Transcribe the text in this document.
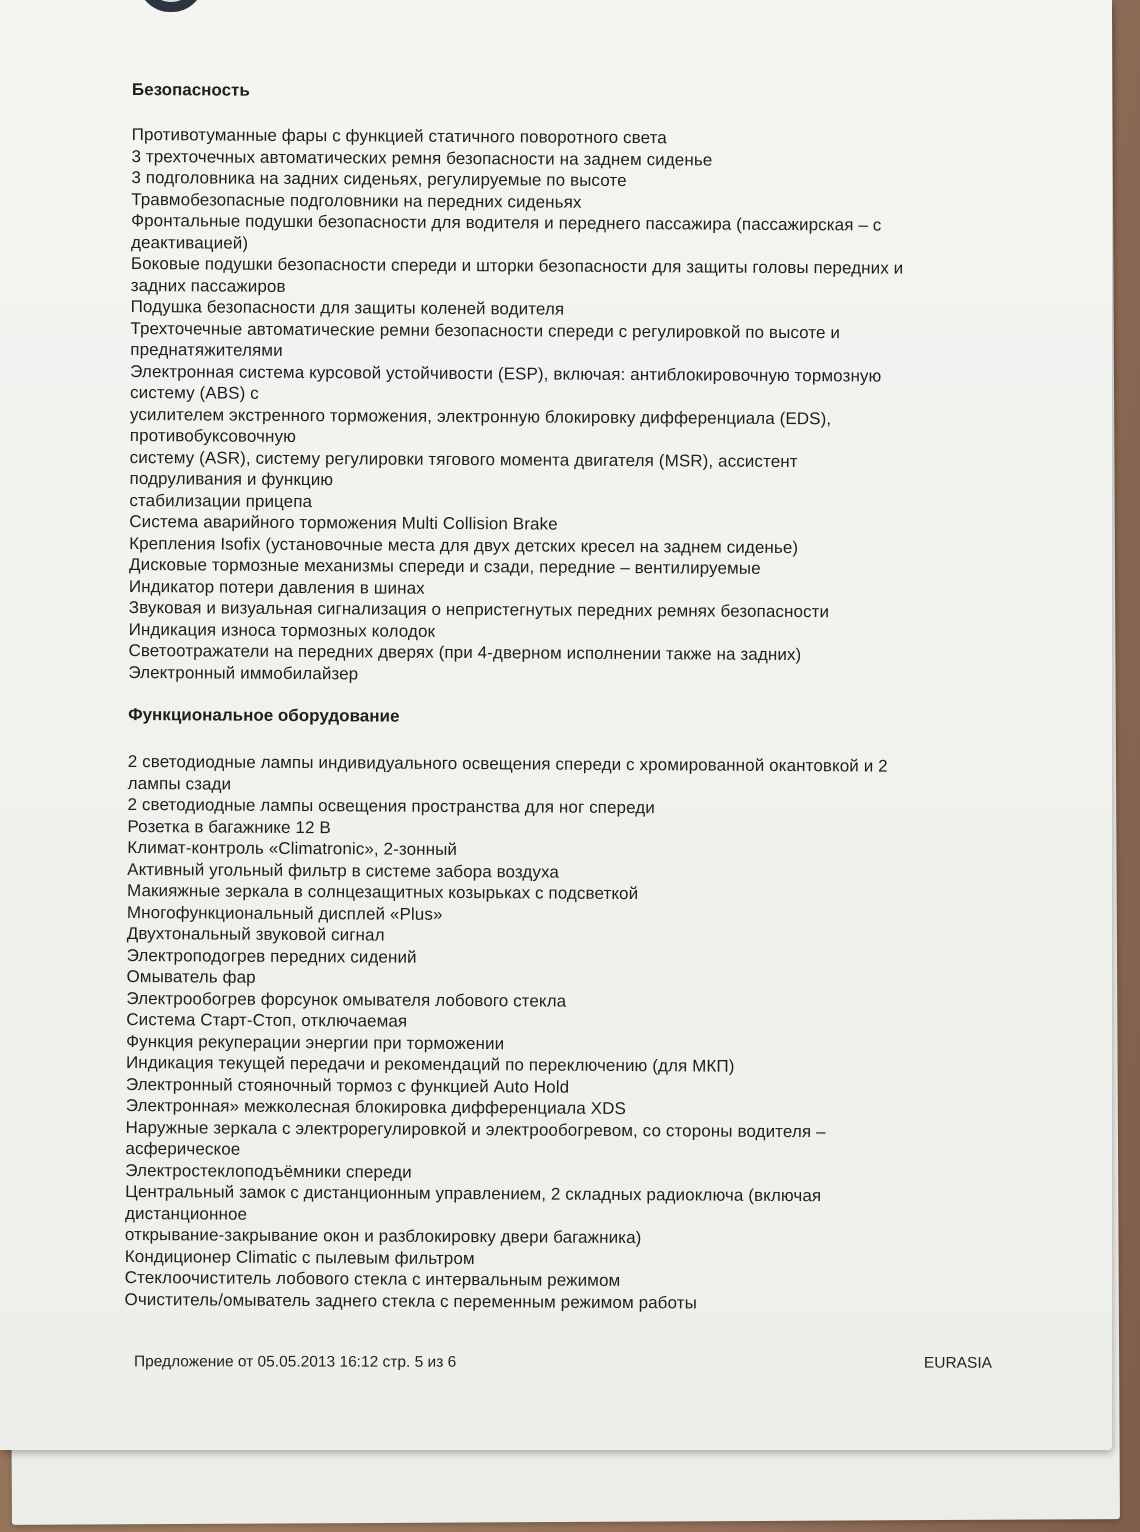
Безопасность
Противотуманные фары с функцией статичного поворотного света
3 трехточечных автоматических ремня безопасности на заднем сиденье
3 подголовника на задних сиденьях, регулируемые по высоте
Травмобезопасные подголовники на передних сиденьях
Фронтальные подушки безопасности для водителя и переднего пассажира (пассажирская – с
деактивацией)
Боковые подушки безопасности спереди и шторки безопасности для защиты головы передних и
задних пассажиров
Подушка безопасности для защиты коленей водителя
Трехточечные автоматические ремни безопасности спереди с регулировкой по высоте и
преднатяжителями
Электронная система курсовой устойчивости (ESP), включая: антиблокировочную тормозную
систему (ABS) с
усилителем экстренного торможения, электронную блокировку дифференциала (EDS),
противобуксовочную
систему (ASR), систему регулировки тягового момента двигателя (MSR), ассистент
подруливания и функцию
стабилизации прицепа
Система аварийного торможения Multi Collision Brake
Крепления Isofix (установочные места для двух детских кресел на заднем сиденье)
Дисковые тормозные механизмы спереди и сзади, передние – вентилируемые
Индикатор потери давления в шинах
Звуковая и визуальная сигнализация о непристегнутых передних ремнях безопасности
Индикация износа тормозных колодок
Светоотражатели на передних дверях (при 4-дверном исполнении также на задних)
Электронный иммобилайзер
Функциональное оборудование
2 светодиодные лампы индивидуального освещения спереди с хромированной окантовкой и 2
лампы сзади
2 светодиодные лампы освещения пространства для ног спереди
Розетка в багажнике 12 В
Климат-контроль «Climatronic», 2-зонный
Активный угольный фильтр в системе забора воздуха
Макияжные зеркала в солнцезащитных козырьках с подсветкой
Многофункциональный дисплей «Plus»
Двухтональный звуковой сигнал
Электроподогрев передних сидений
Омыватель фар
Электрообогрев форсунок омывателя лобового стекла
Система Старт-Стоп, отключаемая
Функция рекуперации энергии при торможении
Индикация текущей передачи и рекомендаций по переключению (для МКП)
Электронный стояночный тормоз с функцией Auto Hold
Электронная» межколесная блокировка дифференциала XDS
Наружные зеркала с электрорегулировкой и электрообогревом, со стороны водителя –
асферическое
Электростеклоподъёмники спереди
Центральный замок с дистанционным управлением, 2 складных радиоключа (включая
дистанционное
открывание-закрывание окон и разблокировку двери багажника)
Кондиционер Climatic с пылевым фильтром
Стеклоочиститель лобового стекла с интервальным режимом
Очиститель/омыватель заднего стекла с переменным режимом работы
Предложение от 05.05.2013 16:12 стр. 5 из 6	EURASIA
